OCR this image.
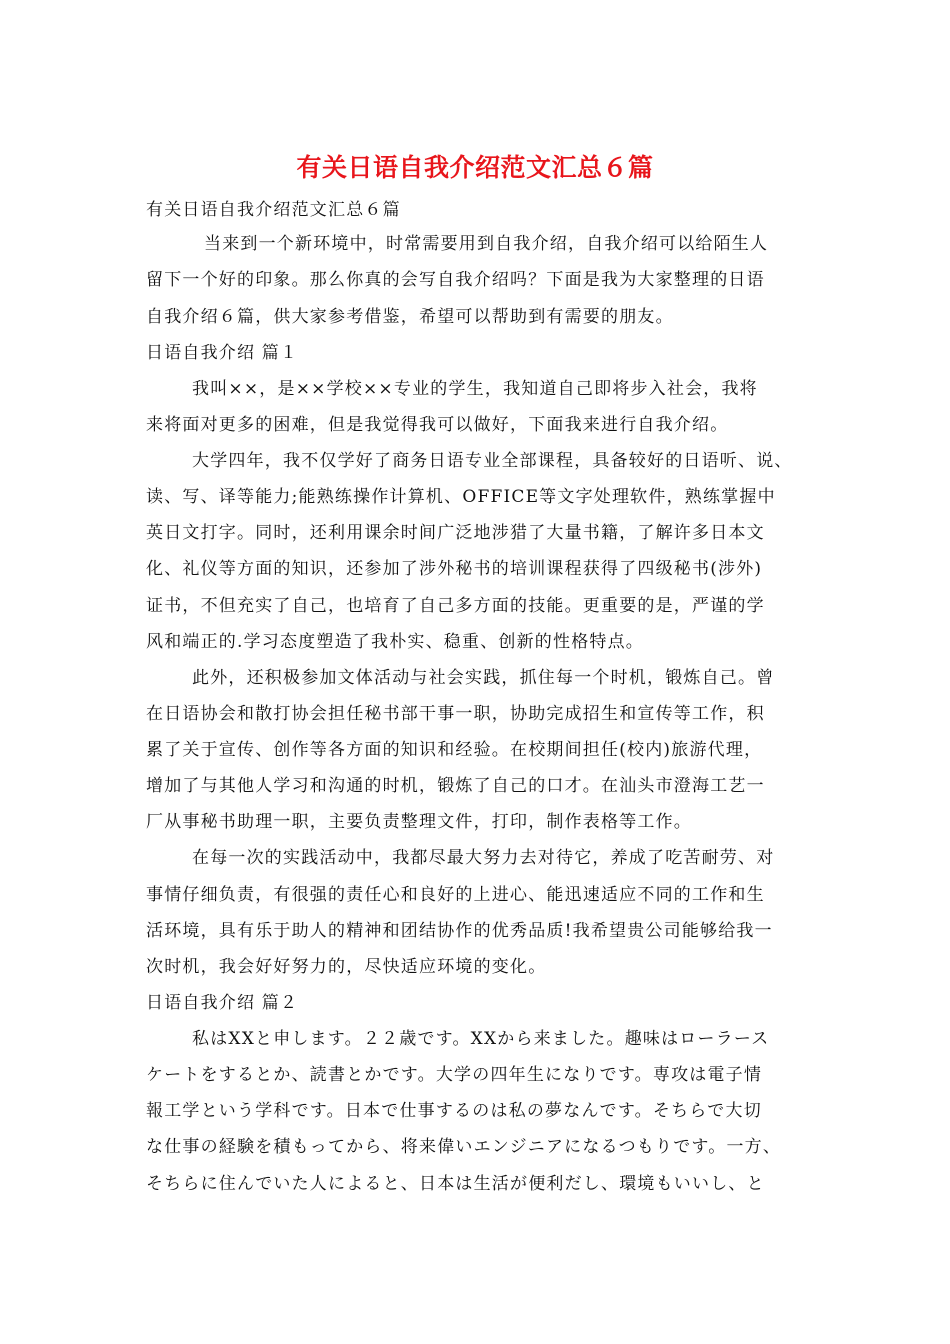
有关日语自我介绍范文汇总６篇
有关日语自我介绍范文汇总６篇
当来到一个新环境中，时常需要用到自我介绍，自我介绍可以给陌生人
留下一个好的印象。那么你真的会写自我介绍吗？下面是我为大家整理的日语
自我介绍６篇，供大家参考借鉴，希望可以帮助到有需要的朋友。
日语自我介绍 篇１
我叫××，是××学校××专业的学生，我知道自己即将步入社会，我将
来将面对更多的困难，但是我觉得我可以做好，下面我来进行自我介绍。
大学四年，我不仅学好了商务日语专业全部课程，具备较好的日语听、说、
读、写、译等能力;能熟练操作计算机、OFFICE等文字处理软件，熟练掌握中
英日文打字。同时，还利用课余时间广泛地涉猎了大量书籍，了解许多日本文
化、礼仪等方面的知识，还参加了涉外秘书的培训课程获得了四级秘书(涉外)
证书，不但充实了自己，也培育了自己多方面的技能。更重要的是，严谨的学
风和端正的.学习态度塑造了我朴实、稳重、创新的性格特点。
此外，还积极参加文体活动与社会实践，抓住每一个时机，锻炼自己。曾
在日语协会和散打协会担任秘书部干事一职，协助完成招生和宣传等工作，积
累了关于宣传、创作等各方面的知识和经验。在校期间担任(校内)旅游代理，
增加了与其他人学习和沟通的时机，锻炼了自己的口才。在汕头市澄海工艺一
厂从事秘书助理一职，主要负责整理文件，打印，制作表格等工作。
在每一次的实践活动中，我都尽最大努力去对待它，养成了吃苦耐劳、对
事情仔细负责，有很强的责任心和良好的上进心、能迅速适应不同的工作和生
活环境，具有乐于助人的精神和团结协作的优秀品质!我希望贵公司能够给我一
次时机，我会好好努力的，尽快适应环境的变化。
日语自我介绍 篇２
私はXXと申します。２２歳です。XXから来ました。趣味はローラース
ケートをするとか、読書とかです。大学の四年生になりです。専攻は電子情
報工学という学科です。日本で仕事するのは私の夢なんです。そちらで大切
な仕事の経験を積もってから、将来偉いエンジニアになるつもりです。一方、
そちらに住んでいた人によると、日本は生活が便利だし、環境もいいし、と
